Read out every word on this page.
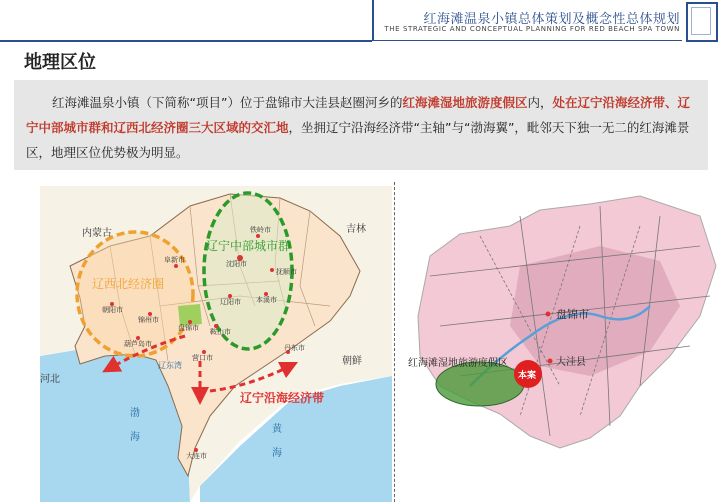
红海滩温泉小镇总体策划及概念性总体规划
THE STRATEGIC AND CONCEPTUAL PLANNING FOR RED BEACH SPA TOWN
地理区位
红海滩温泉小镇（下简称“项目”）位于盘锦市大洼县赵圈河乡的红海滩湿地旅游度假区内，处在辽宁沿海经济带、辽宁中部城市群和辽西北经济圈三大区域的交汇地，坐拥辽宁沿海经济带“主轴”与“渤海翼”，毗邻天下独一无二的红海滩景区，地理区位优势极为明显。
内蒙古	吉林
河北
朝鲜
辽东湾
渤
海
黄
海
辽西北经济圈
辽宁中部城市群
辽宁沿海经济带
铁岭市
沈阳市
抚顺市
阜新市
辽阳市 本溪市
朝阳市
锦州市
盘锦市 鞍山市
葫芦岛市
营口市
丹东市
大连市
盘锦市
大洼县
红海滩湿地旅游度假区
本案
